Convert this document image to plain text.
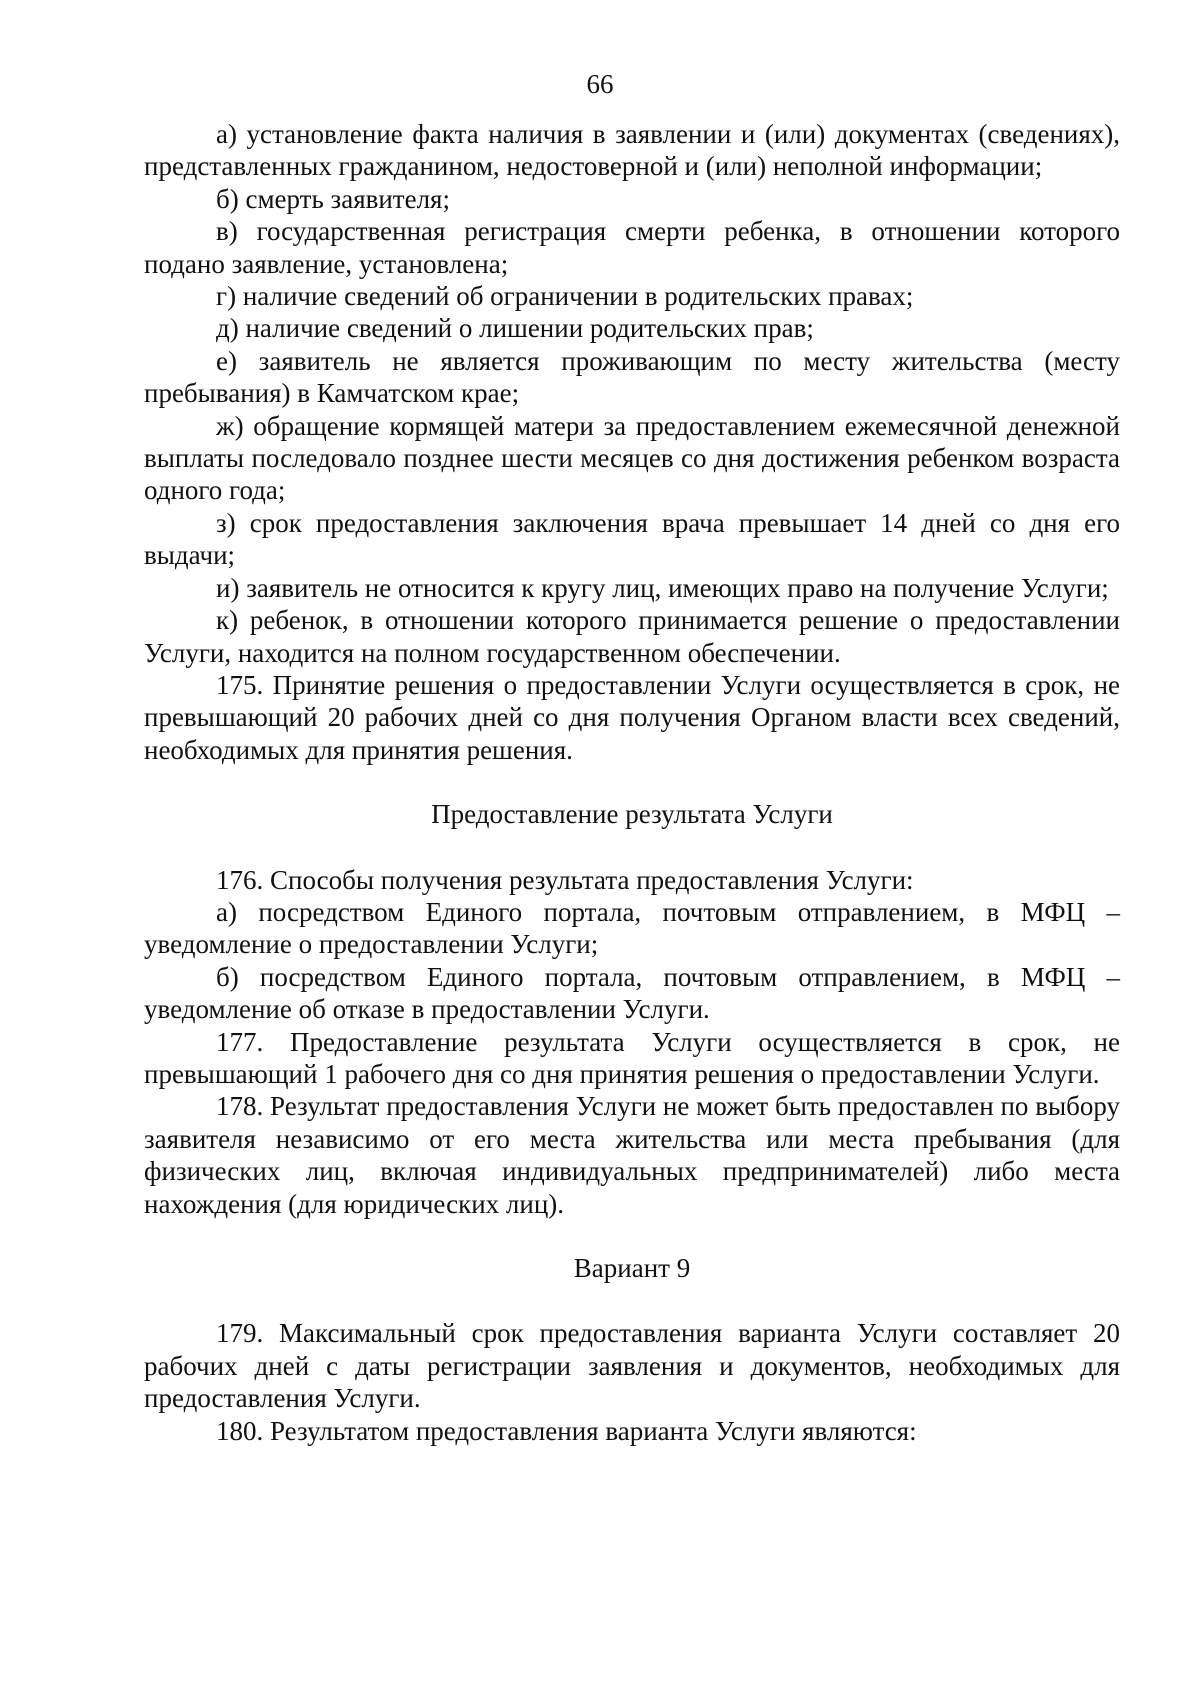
66

а) установление факта наличия в заявлении и (или) документах (сведениях), представленных гражданином, недостоверной и (или) неполной информации;

б) смерть заявителя;

в) государственная регистрация смерти ребенка, в отношении которого подано заявление, установлена;

г) наличие сведений об ограничении в родительских правах;

д) наличие сведений о лишении родительских прав;

е) заявитель не является проживающим по месту жительства (месту пребывания) в Камчатском крае;

ж) обращение кормящей матери за предоставлением ежемесячной денежной выплаты последовало позднее шести месяцев со дня достижения ребенком возраста одного года;

з) срок предоставления заключения врача превышает 14 дней со дня его выдачи;

и) заявитель не относится к кругу лиц, имеющих право на получение Услуги;

к) ребенок, в отношении которого принимается решение о предоставлении Услуги, находится на полном государственном обеспечении.

175. Принятие решения о предоставлении Услуги осуществляется в срок, не превышающий 20 рабочих дней со дня получения Органом власти всех сведений, необходимых для принятия решения.

Предоставление результата Услуги

176. Способы получения результата предоставления Услуги:

а) посредством Единого портала, почтовым отправлением, в МФЦ – уведомление о предоставлении Услуги;

б) посредством Единого портала, почтовым отправлением, в МФЦ – уведомление об отказе в предоставлении Услуги.

177. Предоставление результата Услуги осуществляется в срок, не превышающий 1 рабочего дня со дня принятия решения о предоставлении Услуги.

178. Результат предоставления Услуги не может быть предоставлен по выбору заявителя независимо от его места жительства или места пребывания (для физических лиц, включая индивидуальных предпринимателей) либо места нахождения (для юридических лиц).

Вариант 9

179. Максимальный срок предоставления варианта Услуги составляет 20 рабочих дней с даты регистрации заявления и документов, необходимых для предоставления Услуги.

180. Результатом предоставления варианта Услуги являются:
